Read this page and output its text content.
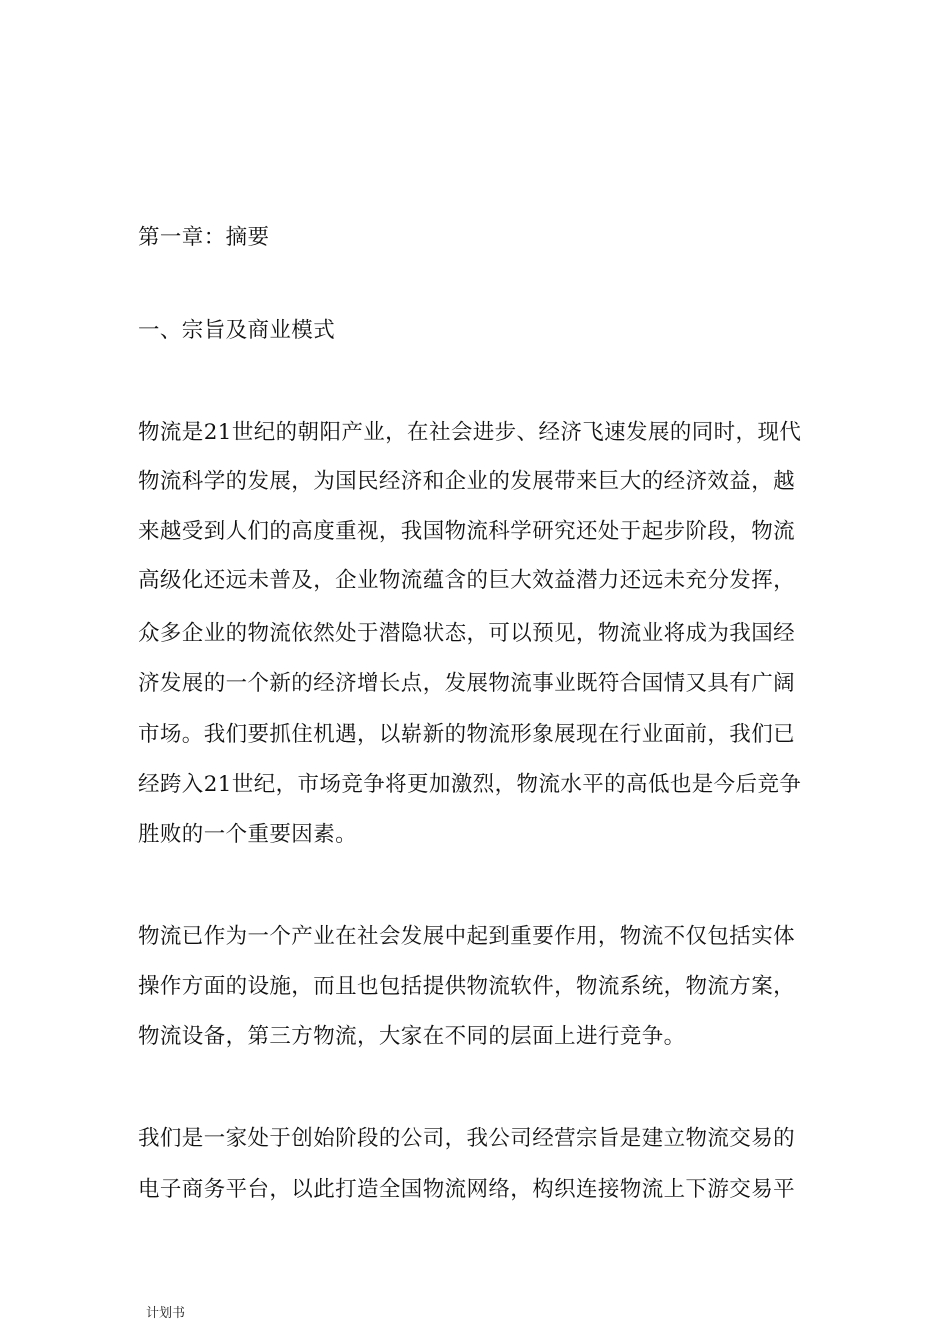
第一章：摘要
一、宗旨及商业模式
物流是21世纪的朝阳产业，在社会进步、经济飞速发展的同时，现代
物流科学的发展，为国民经济和企业的发展带来巨大的经济效益，越
来越受到人们的高度重视，我国物流科学研究还处于起步阶段，物流
高级化还远未普及，企业物流蕴含的巨大效益潜力还远未充分发挥，
众多企业的物流依然处于潜隐状态，可以预见，物流业将成为我国经
济发展的一个新的经济增长点，发展物流事业既符合国情又具有广阔
市场。我们要抓住机遇，以崭新的物流形象展现在行业面前，我们已
经跨入21世纪，市场竞争将更加激烈，物流水平的高低也是今后竞争
胜败的一个重要因素。
物流已作为一个产业在社会发展中起到重要作用，物流不仅包括实体
操作方面的设施，而且也包括提供物流软件，物流系统，物流方案，
物流设备，第三方物流，大家在不同的层面上进行竞争。
我们是一家处于创始阶段的公司，我公司经营宗旨是建立物流交易的
电子商务平台，以此打造全国物流网络，构织连接物流上下游交易平
计划书
